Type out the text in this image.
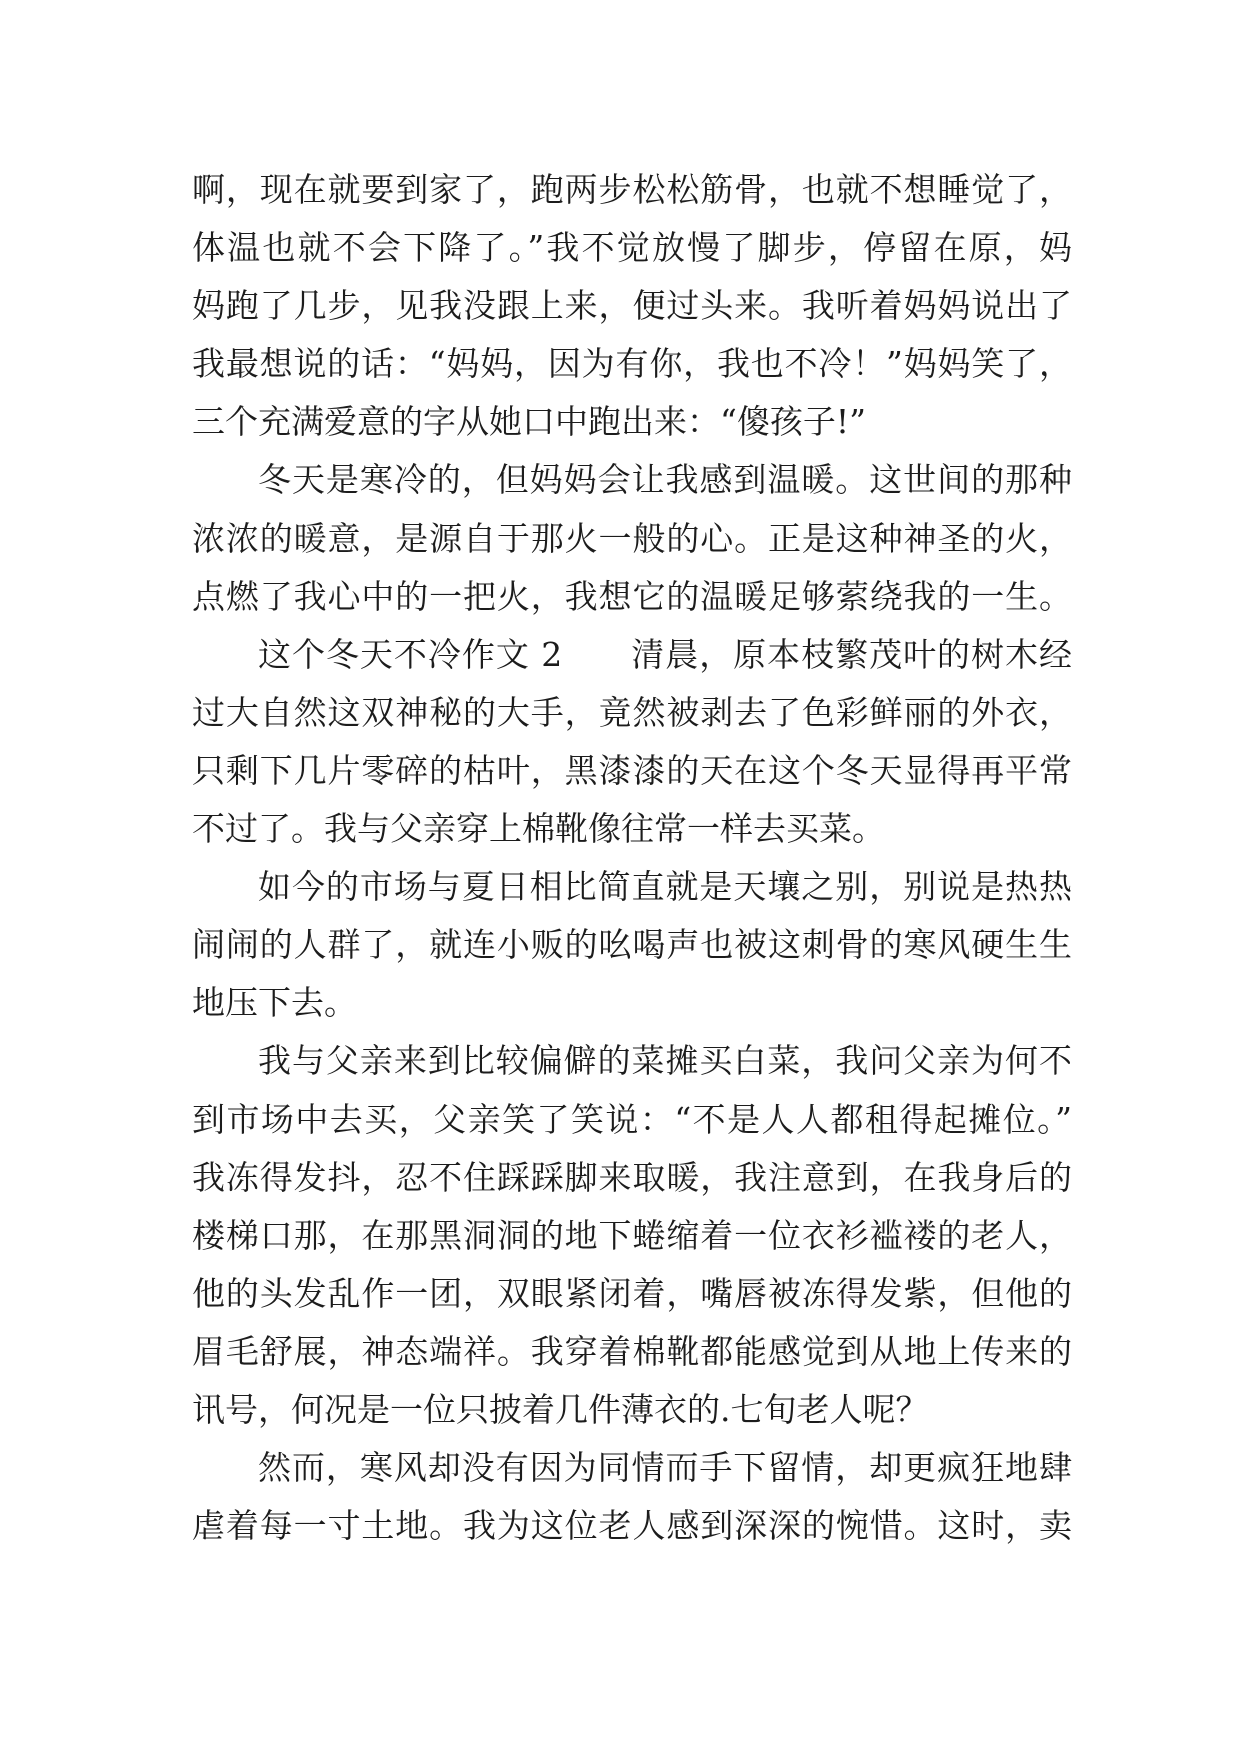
啊，现在就要到家了，跑两步松松筋骨，也就不想睡觉了，
体温也就不会下降了。”我不觉放慢了脚步，停留在原，妈
妈跑了几步，见我没跟上来，便过头来。我听着妈妈说出了
我最想说的话：“妈妈，因为有你，我也不冷！”妈妈笑了，
三个充满爱意的字从她口中跑出来：“傻孩子!”
冬天是寒冷的，但妈妈会让我感到温暖。这世间的那种
浓浓的暖意，是源自于那火一般的心。正是这种神圣的火，
点燃了我心中的一把火，我想它的温暖足够萦绕我的一生。
这个冬天不冷作文 2　　清晨，原本枝繁茂叶的树木经
过大自然这双神秘的大手，竟然被剥去了色彩鲜丽的外衣，
只剩下几片零碎的枯叶，黑漆漆的天在这个冬天显得再平常
不过了。我与父亲穿上棉靴像往常一样去买菜。
如今的市场与夏日相比简直就是天壤之别，别说是热热
闹闹的人群了，就连小贩的吆喝声也被这刺骨的寒风硬生生
地压下去。
我与父亲来到比较偏僻的菜摊买白菜，我问父亲为何不
到市场中去买，父亲笑了笑说：“不是人人都租得起摊位。”
我冻得发抖，忍不住踩踩脚来取暖，我注意到，在我身后的
楼梯口那，在那黑洞洞的地下蜷缩着一位衣衫褴褛的老人，
他的头发乱作一团，双眼紧闭着，嘴唇被冻得发紫，但他的
眉毛舒展，神态端祥。我穿着棉靴都能感觉到从地上传来的
讯号，何况是一位只披着几件薄衣的.七旬老人呢？
然而，寒风却没有因为同情而手下留情，却更疯狂地肆
虐着每一寸土地。我为这位老人感到深深的惋惜。这时，卖
